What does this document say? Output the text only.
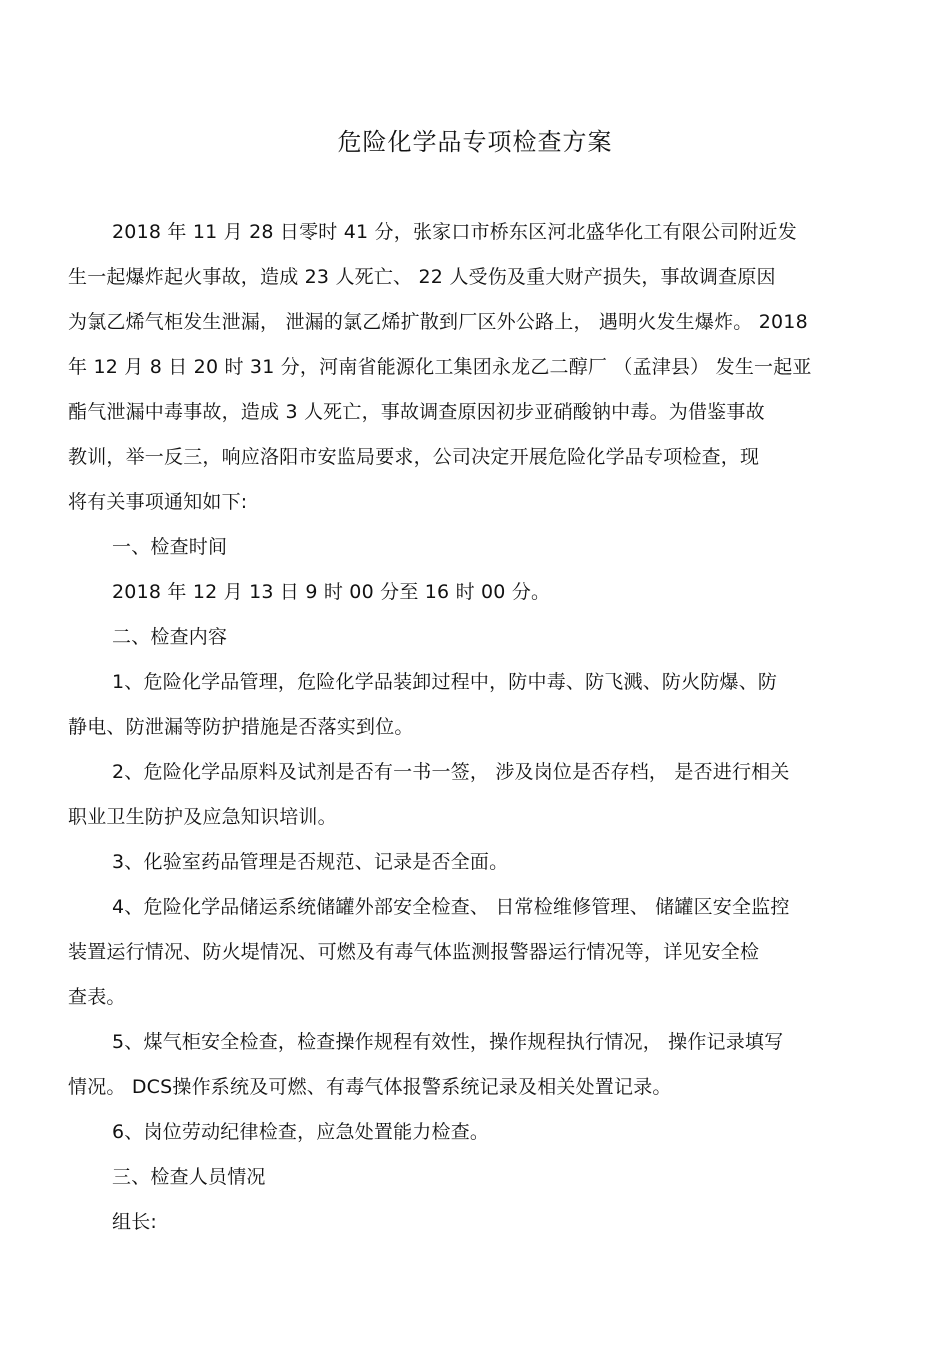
危险化学品专项检查方案

2018 年 11 月 28 日零时 41 分，张家口市桥东区河北盛华化工有限公司附近发
生一起爆炸起火事故，造成 23 人死亡、 22 人受伤及重大财产损失，事故调查原因
为氯乙烯气柜发生泄漏， 泄漏的氯乙烯扩散到厂区外公路上， 遇明火发生爆炸。 2018
年 12 月 8 日 20 时 31 分，河南省能源化工集团永龙乙二醇厂 （孟津县） 发生一起亚
酯气泄漏中毒事故，造成 3 人死亡，事故调查原因初步亚硝酸钠中毒。为借鉴事故
教训，举一反三，响应洛阳市安监局要求，公司决定开展危险化学品专项检查，现
将有关事项通知如下:

一、检查时间

2018 年 12 月 13 日 9 时 00 分至 16 时 00 分。

二、检查内容

1、危险化学品管理，危险化学品装卸过程中，防中毒、防飞溅、防火防爆、防
静电、防泄漏等防护措施是否落实到位。

2、危险化学品原料及试剂是否有一书一签， 涉及岗位是否存档， 是否进行相关
职业卫生防护及应急知识培训。

3、化验室药品管理是否规范、记录是否全面。

4、危险化学品储运系统储罐外部安全检查、 日常检维修管理、 储罐区安全监控
装置运行情况、防火堤情况、可燃及有毒气体监测报警器运行情况等，详见安全检
查表。

5、煤气柜安全检查，检查操作规程有效性，操作规程执行情况， 操作记录填写
情况。 DCS操作系统及可燃、有毒气体报警系统记录及相关处置记录。

6、岗位劳动纪律检查，应急处置能力检查。

三、检查人员情况

组长:
